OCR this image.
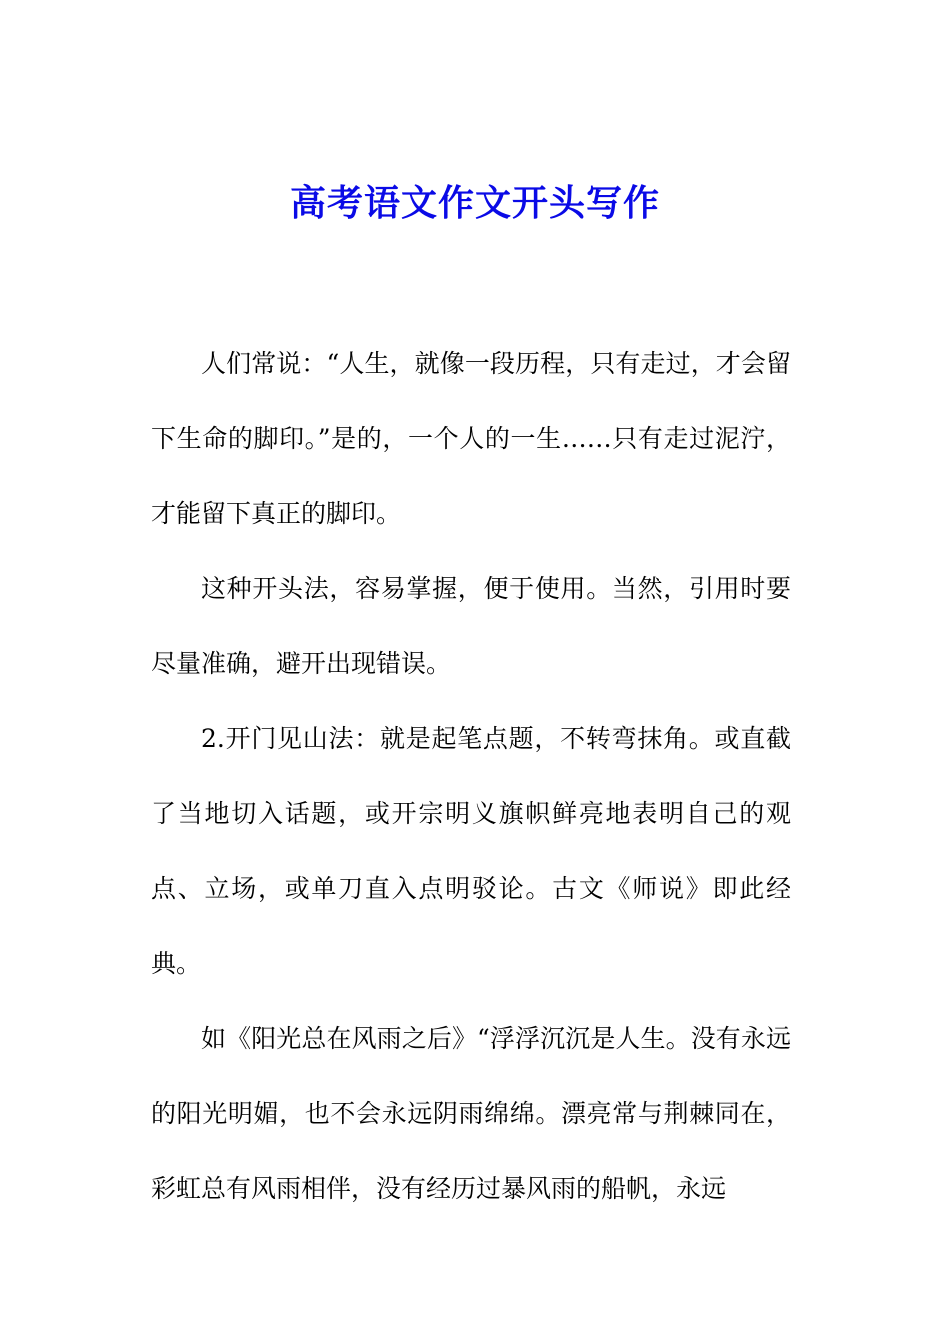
高考语文作文开头写作

人们常说：“人生，就像一段历程，只有走过，才会留下生命的脚印。”是的，一个人的一生……只有走过泥泞，才能留下真正的脚印。

这种开头法，容易掌握，便于使用。当然，引用时要尽量准确，避开出现错误。

2.开门见山法：就是起笔点题，不转弯抹角。或直截了当地切入话题，或开宗明义旗帜鲜亮地表明自己的观点、立场，或单刀直入点明驳论。古文《师说》即此经典。

如《阳光总在风雨之后》“浮浮沉沉是人生。没有永远的阳光明媚，也不会永远阴雨绵绵。漂亮常与荆棘同在，彩虹总有风雨相伴，没有经历过暴风雨的船帆，永远
